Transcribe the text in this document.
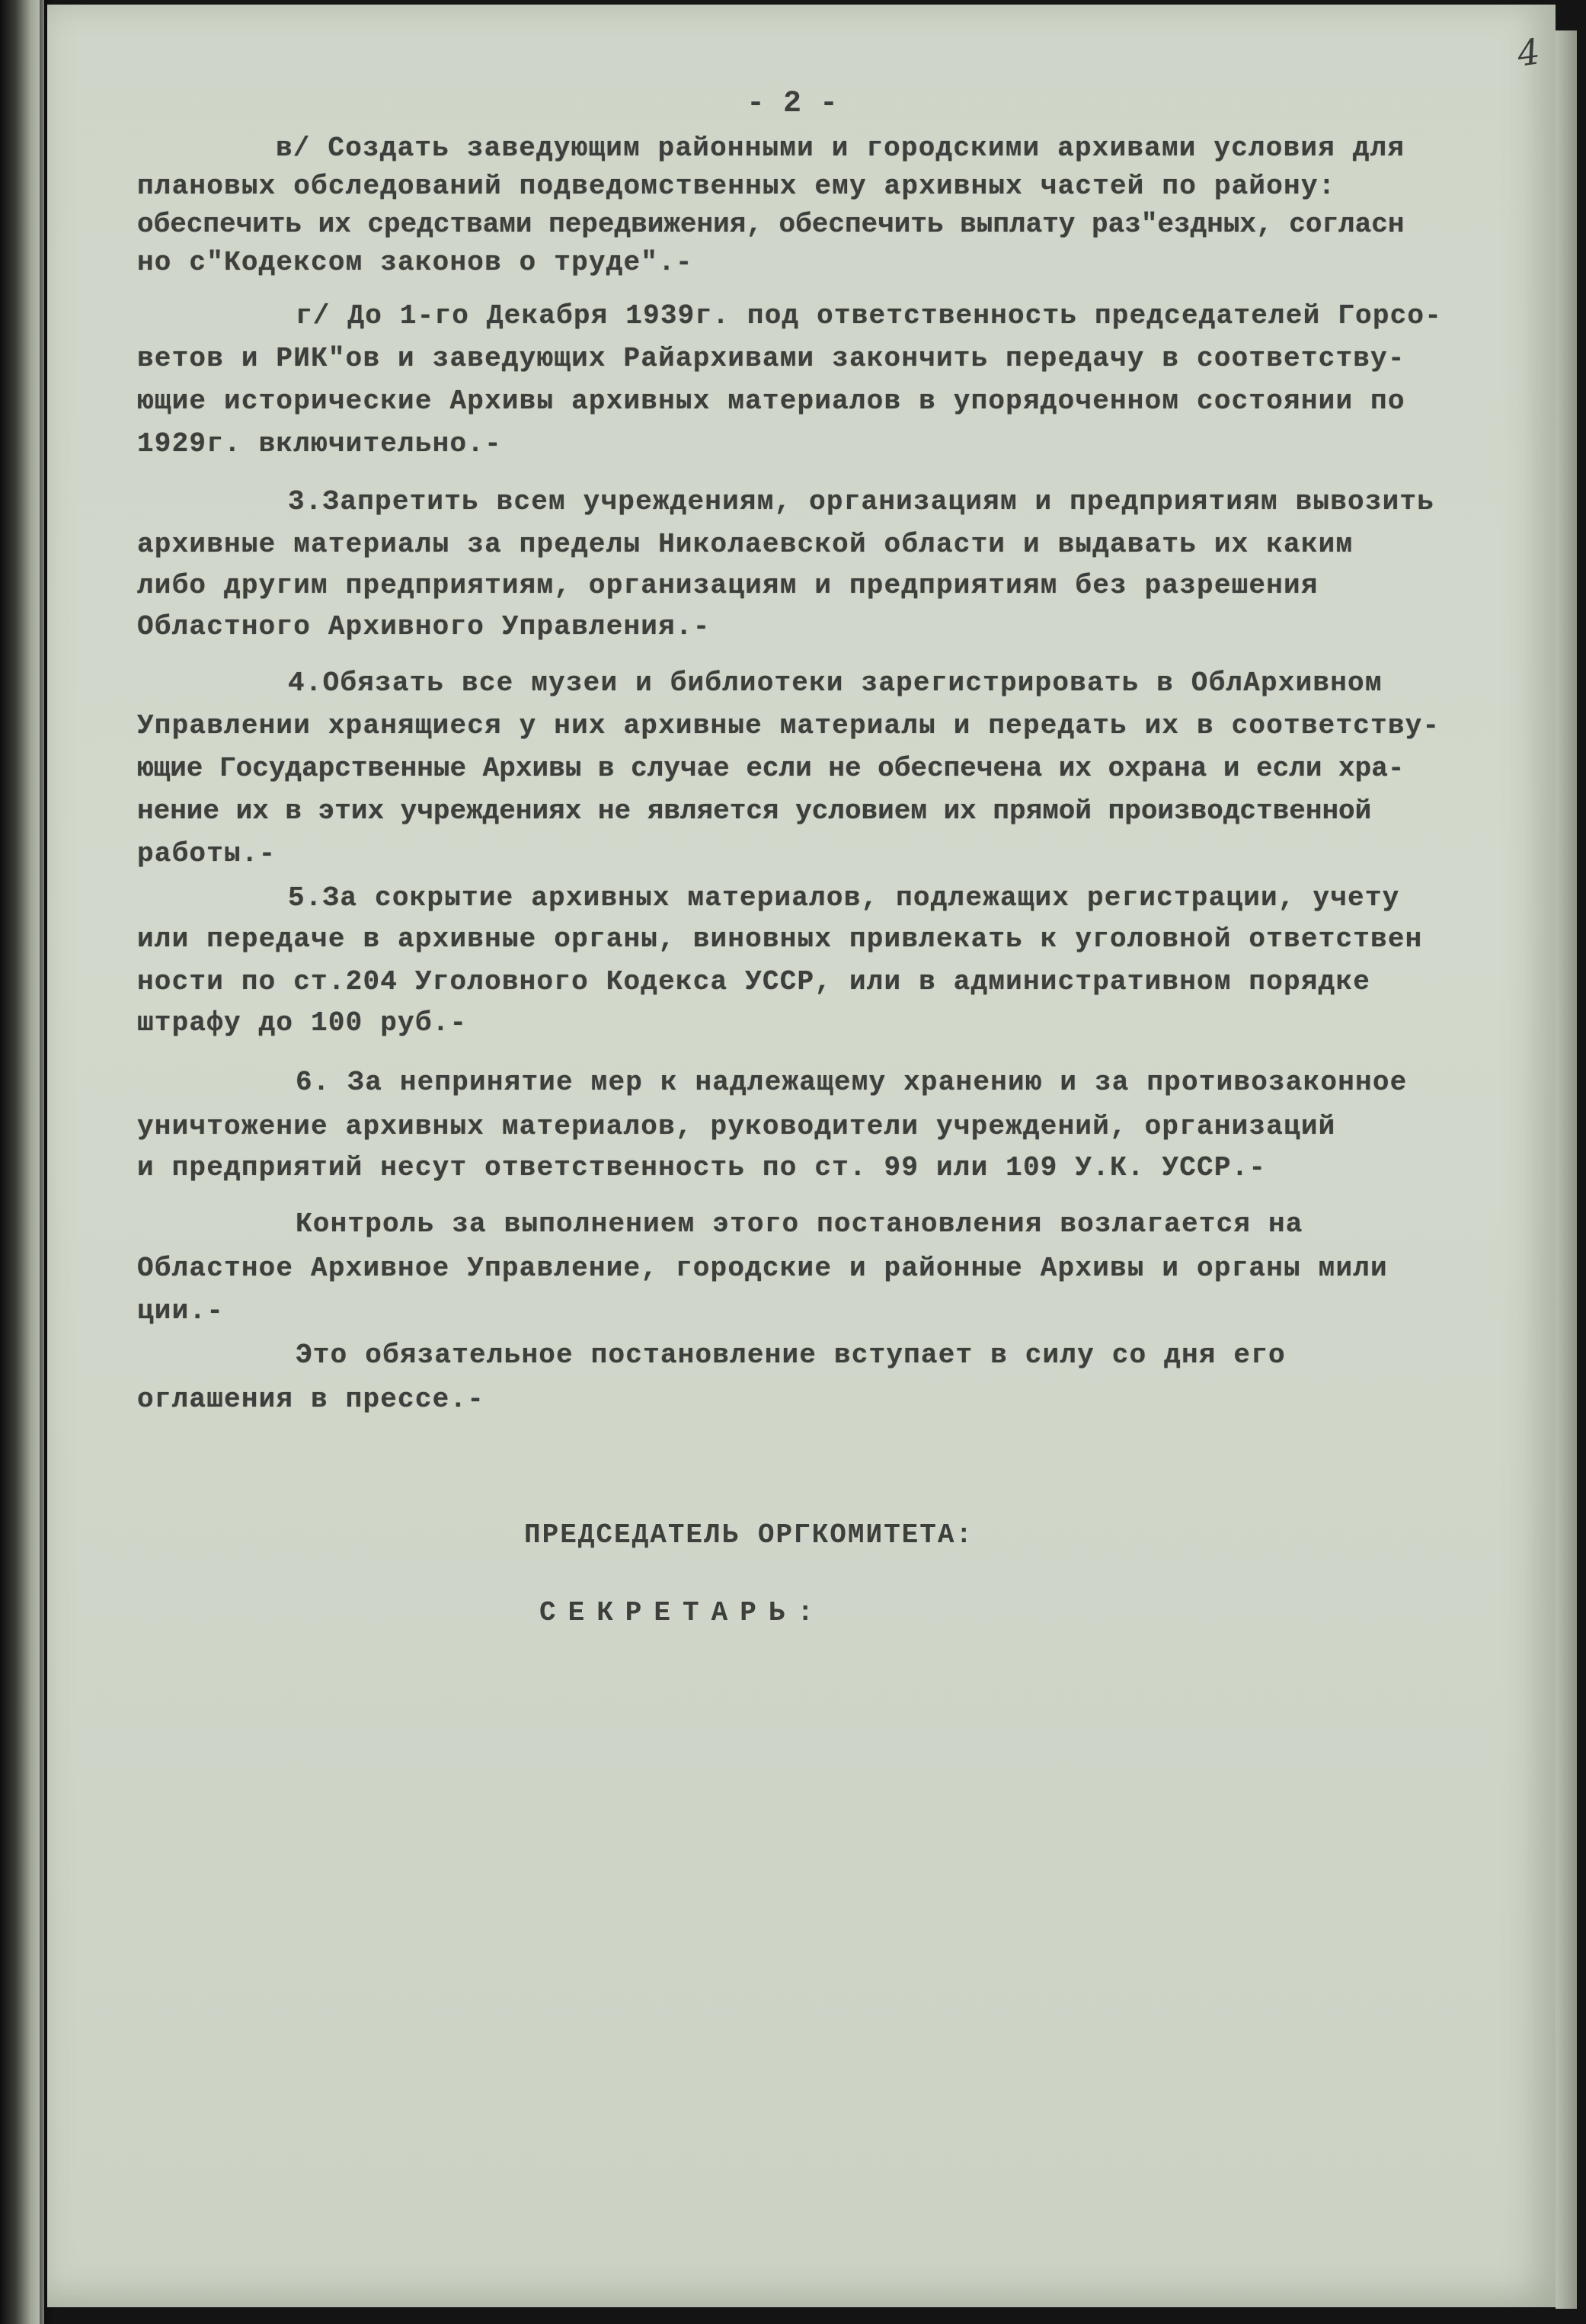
4
- 2 -
в/ Создать заведующим районными и городскими архивами условия для
плановых обследований подведомственных ему архивных частей по району:
обеспечить их средствами передвижения, обеспечить выплату раз"ездных, согласн
но с"Кодексом законов о труде".-
г/ До 1-го Декабря 1939г. под ответственность председателей Горсо-
ветов и РИК"ов и заведующих Райархивами закончить передачу в соответству-
ющие исторические Архивы архивных материалов в упорядоченном состоянии по
1929г. включительно.-
3.Запретить всем учреждениям, организациям и предприятиям вывозить
архивные материалы за пределы Николаевской области и выдавать их каким
либо другим предприятиям, организациям и предприятиям без разрешения
Областного Архивного Управления.-
4.Обязать все музеи и библиотеки зарегистрировать в ОблАрхивном
Управлении хранящиеся у них архивные материалы и передать их в соответству-
ющие Государственные Архивы в случае если не обеспечена их охрана и если хра-
нение их в этих учреждениях не является условием их прямой производственной
работы.-
5.За сокрытие архивных материалов, подлежащих регистрации, учету
или передаче в архивные органы, виновных привлекать к уголовной ответствен
ности по ст.204 Уголовного Кодекса УССР, или в административном порядке
штрафу до 100 руб.-
6. За непринятие мер к надлежащему хранению и за противозаконное
уничтожение архивных материалов, руководители учреждений, организаций
и предприятий несут ответственность по ст. 99 или 109 У.К. УССР.-
Контроль за выполнением этого постановления возлагается на
Областное Архивное Управление, городские и районные Архивы и органы мили
ции.-
Это обязательное постановление вступает в силу со дня его
оглашения в прессе.-
ПРЕДСЕДАТЕЛЬ ОРГКОМИТЕТА:
СЕКРЕТАРЬ:
